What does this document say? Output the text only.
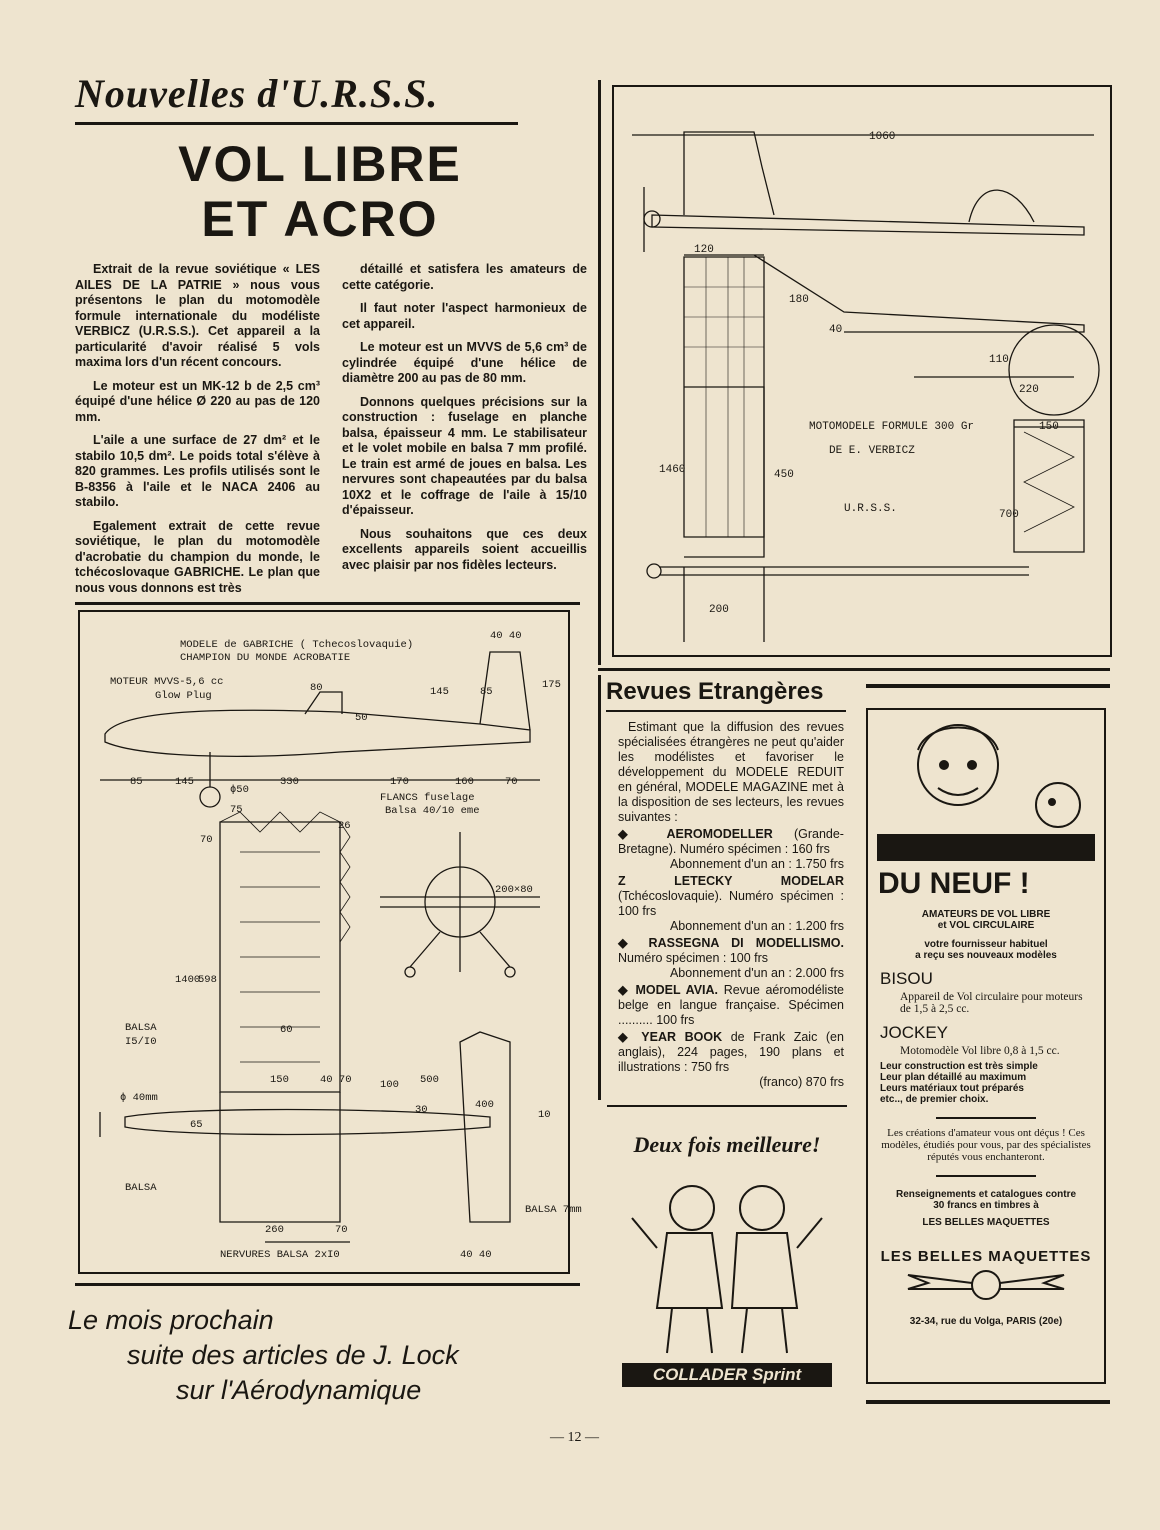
Nouvelles d'U.R.S.S.
VOL LIBRE
ET ACRO

Extrait de la revue soviétique « LES AILES DE LA PATRIE » nous vous présentons le plan du motomodèle formule internationale du modéliste VERBICZ (U.R.S.S.). Cet appareil a la particularité d'avoir réalisé 5 vols maxima lors d'un récent concours.

Le moteur est un MK-12 b de 2,5 cm³ équipé d'une hélice Ø 220 au pas de 120 mm.

L'aile a une surface de 27 dm² et le stabilo 10,5 dm². Le poids total s'élève à 820 grammes. Les profils utilisés sont le B-8356 à l'aile et le NACA 2406 au stabilo.

Egalement extrait de cette revue soviétique, le plan du motomodèle d'acrobatie du champion du monde, le tchécoslovaque GABRICHE. Le plan que nous vous donnons est très

détaillé et satisfera les amateurs de cette catégorie.

Il faut noter l'aspect harmonieux de cet appareil.

Le moteur est un MVVS de 5,6 cm³ de cylindrée équipé d'une hélice de diamètre 200 au pas de 80 mm.

Donnons quelques précisions sur la construction : fuselage en planche balsa, épaisseur 4 mm. Le stabilisateur et le volet mobile en balsa 7 mm profilé. Le train est armé de joues en balsa. Les nervures sont chapeautées par du balsa 10X2 et le coffrage de l'aile à 15/10 d'épaisseur.

Nous souhaitons que ces deux excellents appareils soient accueillis avec plaisir par nos fidèles lecteurs.

1060
120
180
40
110
220
1460	450
150
700
200
MOTOMODELE FORMULE 300 Gr
DE E. VERBICZ
U.R.S.S.
MODELE de GABRICHE ( Tchecoslovaquie)
CHAMPION DU MONDE ACROBATIE
MOTEUR MVVS-5,6 cc
Glow Plug
40 40
175
80	145	85
50
85	145	330	170	160	70
ϕ50
FLANCS fuselage
Balsa 40/10 eme
75
26
70
200×80
1400
598
60
BALSA
I5/I0
150	40 70	100 500
400
10
30
ϕ 40mm
65
BALSA
260	70
NERVURES BALSA 2xI0	40 40
BALSA 7mm
Le mois prochain
suite des articles de J. Lock
sur l'Aérodynamique
— 12 —
Revues Etrangères

Estimant que la diffusion des revues spécialisées étrangères ne peut qu'aider les modélistes et favoriser le développement du MODELE REDUIT en général, MODELE MAGAZINE met à la disposition de ses lecteurs, les revues suivantes :

◆ AEROMODELLER (Grande-Bretagne). Numéro spécimen : 160 frs
Abonnement d'un an : 1.750 frs
Z	LETECKY MODELAR (Tchécoslovaquie). Numéro spécimen : 100 frs
Abonnement d'un an : 1.200 frs
◆ RASSEGNA DI MODELLISMO. Numéro spécimen : 100 frs
Abonnement d'un an : 2.000 frs
◆ MODEL AVIA. Revue aéromodéliste belge en langue française. Spécimen .......... 100 frs
◆ YEAR BOOK de Frank Zaic (en anglais), 224 pages, 190 plans et illustrations : 750 frs
(franco) 870 frs
Deux fois meilleure!
COLLADER Sprint
DU NEUF !
AMATEURS DE VOL LIBRE
et VOL CIRCULAIRE
votre fournisseur habituel
a reçu ses nouveaux modèles
BISOU
Appareil de Vol circulaire pour moteurs de 1,5 à 2,5 cc.
JOCKEY
Motomodèle Vol libre 0,8 à 1,5 cc.
Leur construction est très simple
Leur plan détaillé au maximum
Leurs matériaux tout préparés
etc.., de premier choix.
Les créations d'amateur vous ont déçus ! Ces modèles, étudiés pour vous, par des spécialistes réputés vous enchanteront.
Renseignements et catalogues contre
30 francs en timbres à
LES BELLES MAQUETTES
LES BELLES MAQUETTES
32-34, rue du Volga, PARIS (20e)
